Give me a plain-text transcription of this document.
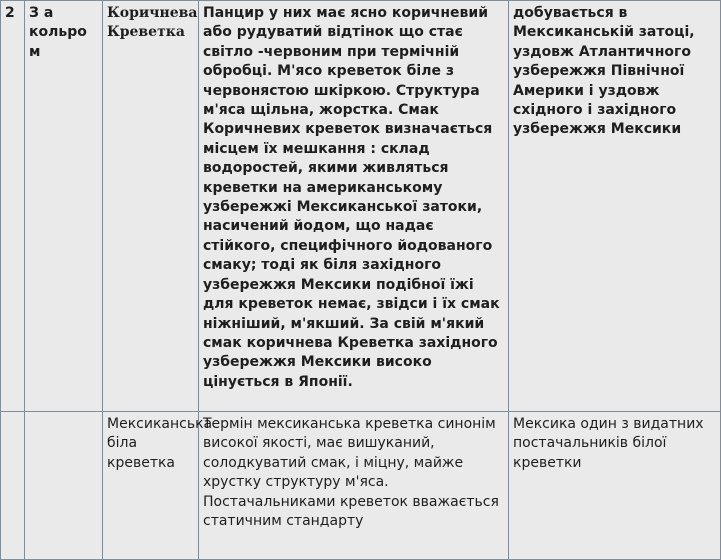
2	З а кольро м	Коричнева Креветка	Панцир у них має ясно коричневий або рудуватий відтінок що стає світло -червоним при термічній обробці. М'ясо креветок біле з червонястою шкіркою. Структура м'яса щільна, жорстка. Смак Коричневих креветок визначається місцем їх мешкання : склад водоростей, якими живляться креветки на американському узбережжі Мексиканської затоки, насичений йодом, що надає стійкого, специфічного йодованого смаку; тоді як біля західного узбережжя Мексики подібної їжі для креветок немає, звідси і їх смак ніжніший, м'якший. За свій м'який смак коричнева Креветка західного узбережжя Мексики високо цінується в Японії.	добувається в Мексиканській затоці, уздовж Атлантичного узбережжя Північної Америки і уздовж східного і західного узбережжя Мексики

		Мексиканська біла креветка	Термін мексиканська креветка синонім високої якості, має вишуканий, солодкуватий смак, і міцну, майже хрустку структуру м'яса. Постачальниками креветок вважається статичним стандарту	Мексика один з видатних постачальників білої креветки
